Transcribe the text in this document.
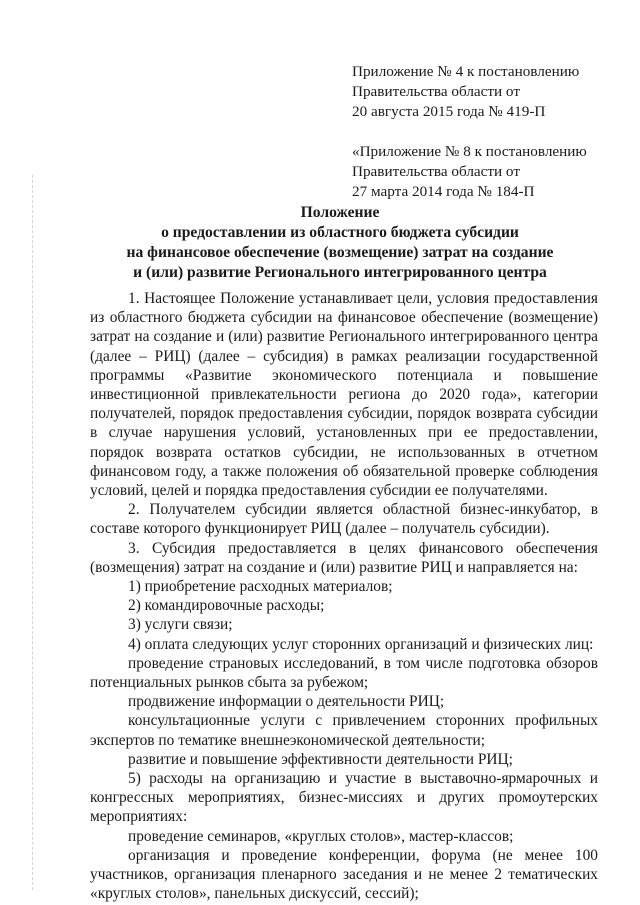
Приложение № 4 к постановлению
Правительства области от
20 августа 2015 года № 419-П
«Приложение № 8 к постановлению
Правительства области от
27 марта 2014 года № 184-П
Положение
о предоставлении из областного бюджета субсидии
на финансовое обеспечение (возмещение) затрат на создание
и (или) развитие Регионального интегрированного центра

1. Настоящее Положение устанавливает цели, условия предоставления из областного бюджета субсидии на финансовое обеспечение (возмещение) затрат на создание и (или) развитие Регионального интегрированного центра (далее – РИЦ) (далее – субсидия) в рамках реализации государственной программы «Развитие экономического потенциала и повышение инвестиционной привлекательности региона до 2020 года», категории получателей, порядок предоставления субсидии, порядок возврата субсидии в случае нарушения условий, установленных при ее предоставлении, порядок возврата остатков субсидии, не использованных в отчетном финансовом году, а также положения об обязательной проверке соблюдения условий, целей и порядка предоставления субсидии ее получателями.

2. Получателем субсидии является областной бизнес-инкубатор, в составе которого функционирует РИЦ (далее – получатель субсидии).

3. Субсидия предоставляется в целях финансового обеспечения (возмещения) затрат на создание и (или) развитие РИЦ и направляется на:

1) приобретение расходных материалов;

2) командировочные расходы;

3) услуги связи;

4) оплата следующих услуг сторонних организаций и физических лиц:

проведение страновых исследований, в том числе подготовка обзоров потенциальных рынков сбыта за рубежом;

продвижение информации о деятельности РИЦ;

консультационные услуги с привлечением сторонних профильных экспертов по тематике внешнеэкономической деятельности;

развитие и повышение эффективности деятельности РИЦ;

5) расходы на организацию и участие в выставочно-ярмарочных и конгрессных мероприятиях, бизнес-миссиях и других промоутерских мероприятиях:

проведение семинаров, «круглых столов», мастер-классов;

организация и проведение конференции, форума (не менее 100 участников, организация пленарного заседания и не менее 2 тематических «круглых столов», панельных дискуссий, сессий);
